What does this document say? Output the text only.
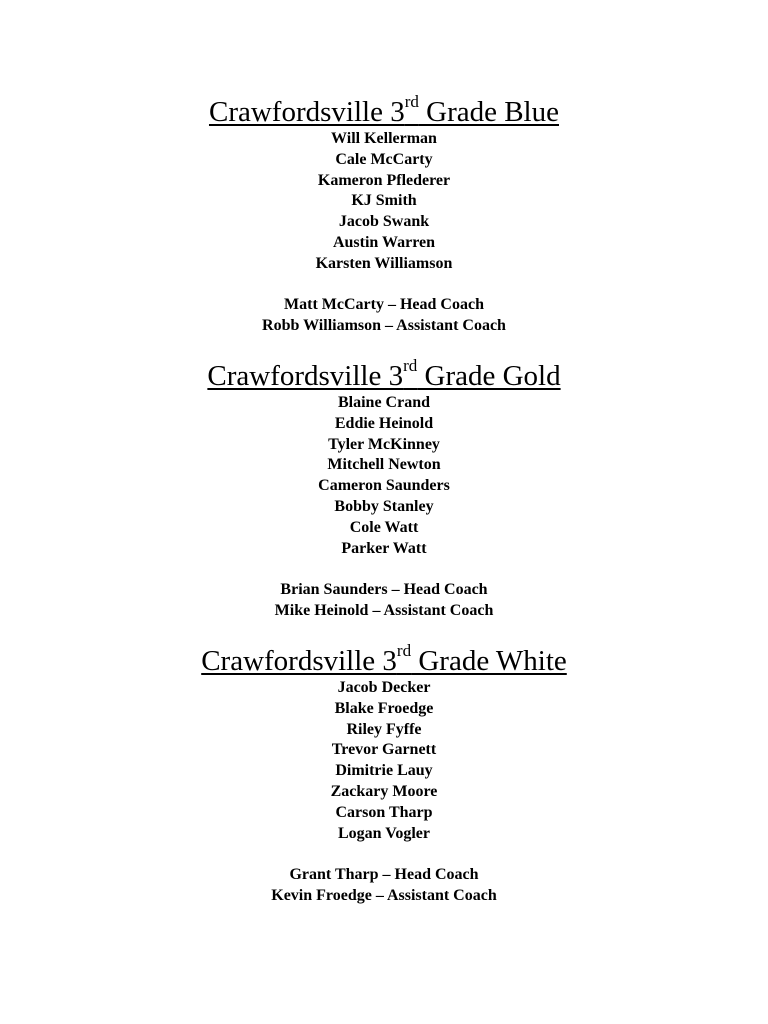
Crawfordsville 3rd Grade Blue
Will Kellerman
Cale McCarty
Kameron Pflederer
KJ Smith
Jacob Swank
Austin Warren
Karsten Williamson
Matt McCarty – Head Coach
Robb Williamson – Assistant Coach
Crawfordsville 3rd Grade Gold
Blaine Crand
Eddie Heinold
Tyler McKinney
Mitchell Newton
Cameron Saunders
Bobby Stanley
Cole Watt
Parker Watt
Brian Saunders – Head Coach
Mike Heinold – Assistant Coach
Crawfordsville 3rd Grade White
Jacob Decker
Blake Froedge
Riley Fyffe
Trevor Garnett
Dimitrie Lauy
Zackary Moore
Carson Tharp
Logan Vogler
Grant Tharp – Head Coach
Kevin Froedge – Assistant Coach
